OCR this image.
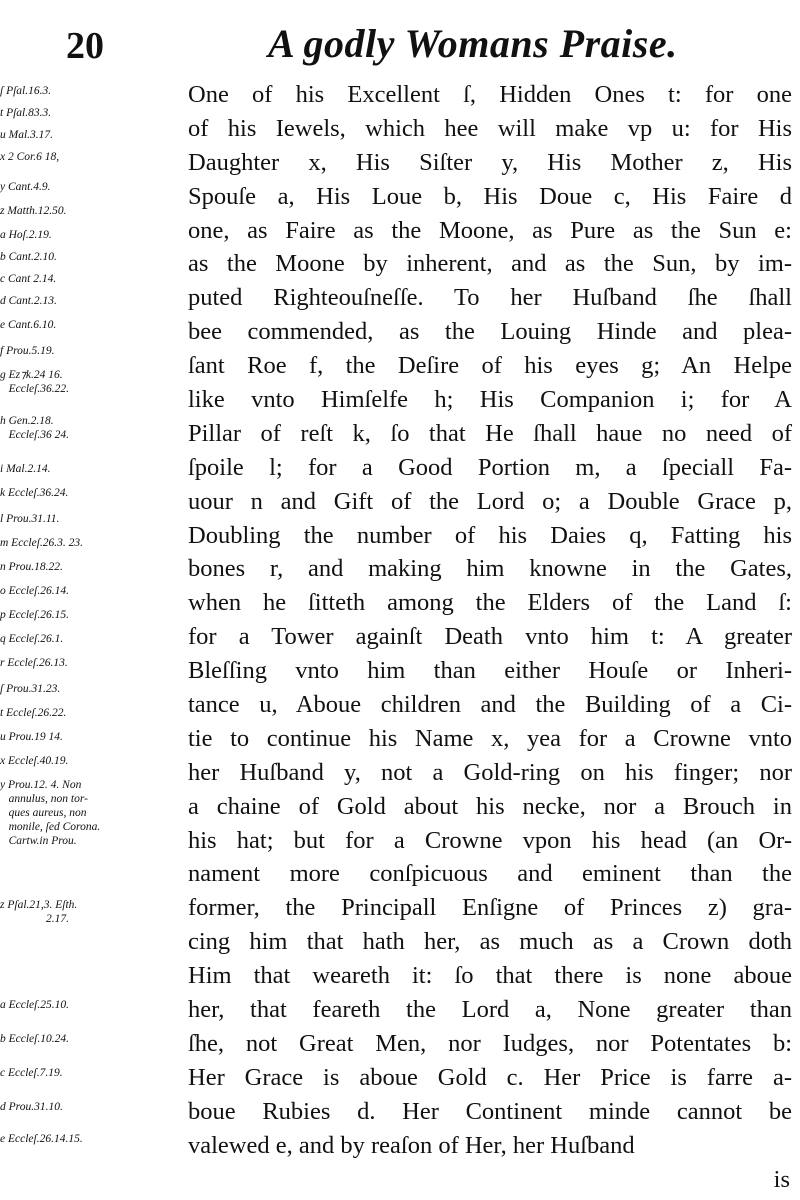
20	A godly Womans Praise.
ſ Pſal.16.3.
t Pſal.83.3.
u Mal.3.17.
x 2 Cor.6 18,
y Cant.4.9.
z Matth.12.50.
a Hoſ.2.19.
b Cant.2.10.
c Cant 2.14.
d Cant.2.13.
e Cant.6.10.
f Prou.5.19.
g Ez⁊k.24 16.
Eccleſ.36.22.
h Gen.2.18.
Eccleſ.36 24.
i Mal.2.14.
k Eccleſ.36.24.
l Prou.31.11.
m Eccleſ.26.3. 23.
n Prou.18.22.
o Eccleſ.26.14.
p Eccleſ.26.15.
q Eccleſ.26.1.
r Eccleſ.26.13.
ſ Prou.31.23.
t Eccleſ.26.22.
u Prou.19 14.
x Eccleſ.40.19.
y Prou.12. 4. Non
annulus, non tor-
ques aureus, non
monile, ſed Corona.
Cartw.in Prou.
z Pſal.21,3. Eſth.
2.17.
a Eccleſ.25.10.
b Eccleſ.10.24.
c Eccleſ.7.19.
d Prou.31.10.
e Eccleſ.26.14.15.
One of his Excellent ſ, Hidden Ones t: for one
of his Iewels, which hee will make vp u: for His
Daughter x, His Siſter y, His Mother z, His
Spouſe a, His Loue b, His Doue c, His Faire d
one, as Faire as the Moone, as Pure as the Sun e:
as the Moone by inherent, and as the Sun, by im-
puted Righteouſneſſe. To her Huſband ſhe ſhall
bee commended, as the Louing Hinde and plea-
ſant Roe f, the Deſire of his eyes g; An Helpe
like vnto Himſelfe h; His Companion i; for A
Pillar of reſt k, ſo that He ſhall haue no need of
ſpoile l; for a Good Portion m, a ſpeciall Fa-
uour n and Gift of the Lord o; a Double Grace p,
Doubling the number of his Daies q, Fatting his
bones r, and making him knowne in the Gates,
when he ſitteth among the Elders of the Land ſ:
for a Tower againſt Death vnto him t: A greater
Bleſſing vnto him than either Houſe or Inheri-
tance u, Aboue children and the Building of a Ci-
tie to continue his Name x, yea for a Crowne vnto
her Huſband y, not a Gold-ring on his finger; nor
a chaine of Gold about his necke, nor a Brouch in
his hat; but for a Crowne vpon his head (an Or-
nament more conſpicuous and eminent than the
former, the Principall Enſigne of Princes z) gra-
cing him that hath her, as much as a Crown doth
Him that weareth it: ſo that there is none aboue
her, that feareth the Lord a, None greater than
ſhe, not Great Men, nor Iudges, nor Potentates b:
Her Grace is aboue Gold c. Her Price is farre a-
boue Rubies d. Her Continent minde cannot be
valewed e, and by reaſon of Her, her Huſband
is
